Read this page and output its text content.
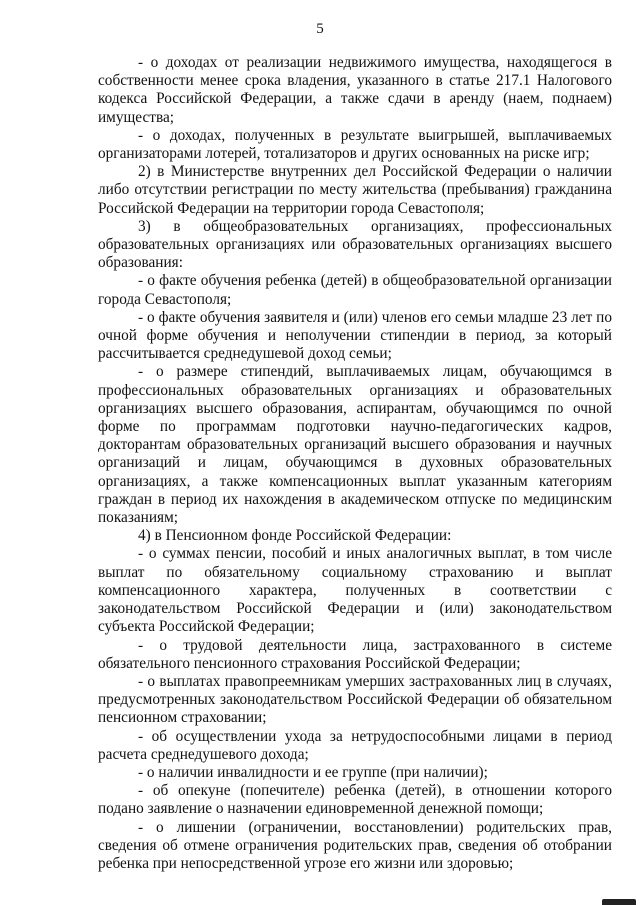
5

- о доходах от реализации недвижимого имущества, находящегося в собственности менее срока владения, указанного в статье 217.1 Налогового кодекса Российской Федерации, а также сдачи в аренду (наем, поднаем) имущества;

- о доходах, полученных в результате выигрышей, выплачиваемых организаторами лотерей, тотализаторов и других основанных на риске игр;

2) в Министерстве внутренних дел Российской Федерации о наличии либо отсутствии регистрации по месту жительства (пребывания) гражданина Российской Федерации на территории города Севастополя;

3) в общеобразовательных организациях, профессиональных образовательных организациях или образовательных организациях высшего образования:

- о факте обучения ребенка (детей) в общеобразовательной организации города Севастополя;

- о факте обучения заявителя и (или) членов его семьи младше 23 лет по очной форме обучения и неполучении стипендии в период, за который рассчитывается среднедушевой доход семьи;

- о размере стипендий, выплачиваемых лицам, обучающимся в профессиональных образовательных организациях и образовательных организациях высшего образования, аспирантам, обучающимся по очной форме по программам подготовки научно-педагогических кадров, докторантам образовательных организаций высшего образования и научных организаций и лицам, обучающимся в духовных образовательных организациях, а также компенсационных выплат указанным категориям граждан в период их нахождения в академическом отпуске по медицинским показаниям;

4) в Пенсионном фонде Российской Федерации:

- о суммах пенсии, пособий и иных аналогичных выплат, в том числе выплат по обязательному социальному страхованию и выплат компенсационного характера, полученных в соответствии с законодательством Российской Федерации и (или) законодательством субъекта Российской Федерации;

- о трудовой деятельности лица, застрахованного в системе обязательного пенсионного страхования Российской Федерации;

- о выплатах правопреемникам умерших застрахованных лиц в случаях, предусмотренных законодательством Российской Федерации об обязательном пенсионном страховании;

- об осуществлении ухода за нетрудоспособными лицами в период расчета среднедушевого дохода;

- о наличии инвалидности и ее группе (при наличии);

- об опекуне (попечителе) ребенка (детей), в отношении которого подано заявление о назначении единовременной денежной помощи;

- о лишении (ограничении, восстановлении) родительских прав, сведения об отмене ограничения родительских прав, сведения об отобрании ребенка при непосредственной угрозе его жизни или здоровью;
